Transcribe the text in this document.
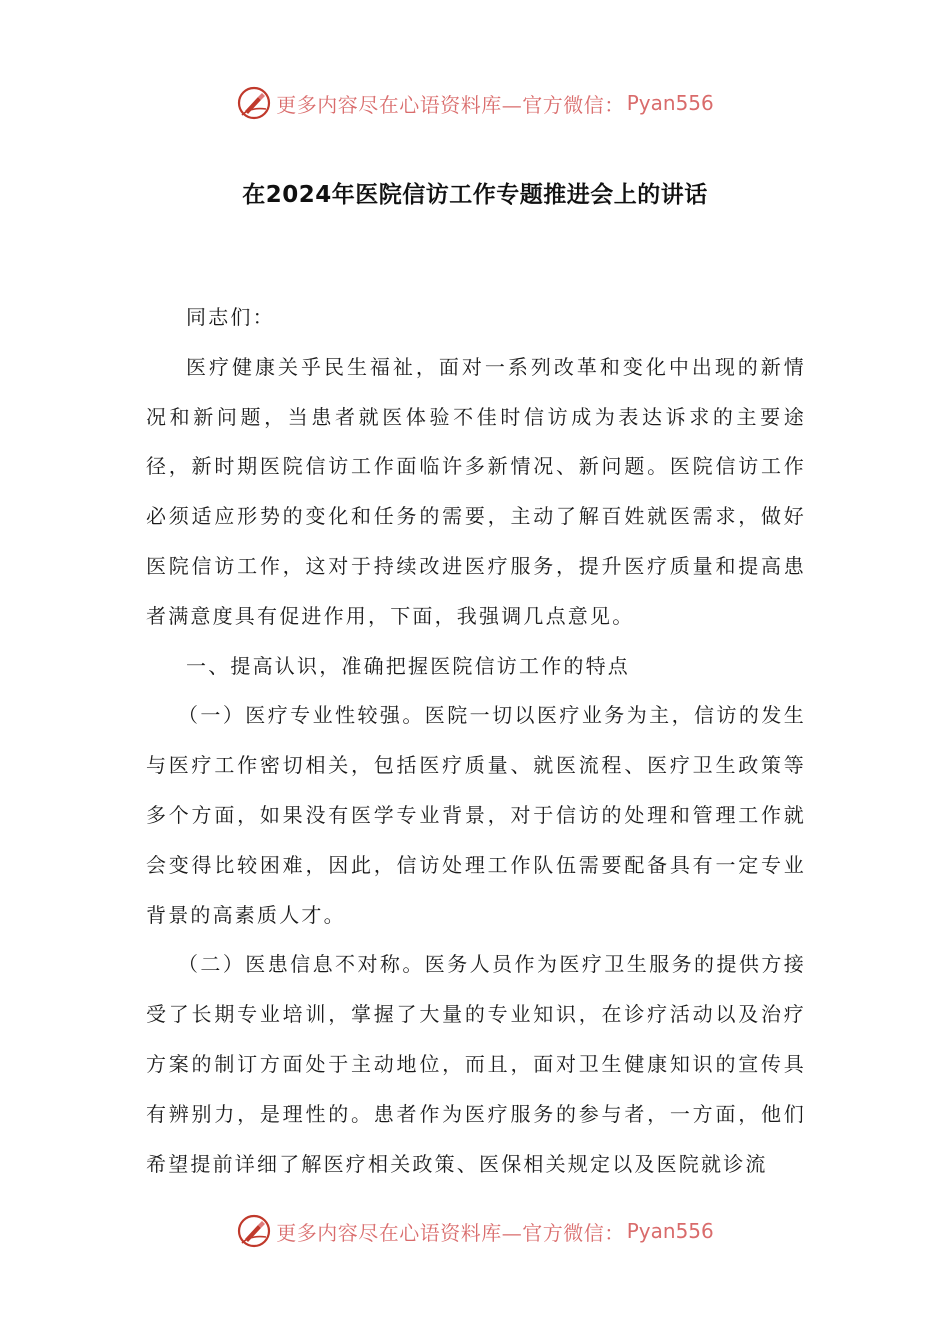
更多内容尽在心语资料库—官方微信： Pyan556
在2024年医院信访工作专题推进会上的讲话

同志们：

医疗健康关乎民生福祉，面对一系列改革和变化中出现的新情况和新问题，当患者就医体验不佳时信访成为表达诉求的主要途径，新时期医院信访工作面临许多新情况、新问题。医院信访工作必须适应形势的变化和任务的需要，主动了解百姓就医需求，做好医院信访工作，这对于持续改进医疗服务，提升医疗质量和提高患者满意度具有促进作用，下面，我强调几点意见。

一、提高认识，准确把握医院信访工作的特点

（一）医疗专业性较强。医院一切以医疗业务为主，信访的发生与医疗工作密切相关，包括医疗质量、就医流程、医疗卫生政策等多个方面，如果没有医学专业背景，对于信访的处理和管理工作就会变得比较困难，因此，信访处理工作队伍需要配备具有一定专业背景的高素质人才。

（二）医患信息不对称。医务人员作为医疗卫生服务的提供方接受了长期专业培训，掌握了大量的专业知识，在诊疗活动以及治疗方案的制订方面处于主动地位，而且，面对卫生健康知识的宣传具有辨别力，是理性的。患者作为医疗服务的参与者，一方面，他们希望提前详细了解医疗相关政策、医保相关规定以及医院就诊流

更多内容尽在心语资料库—官方微信： Pyan556
